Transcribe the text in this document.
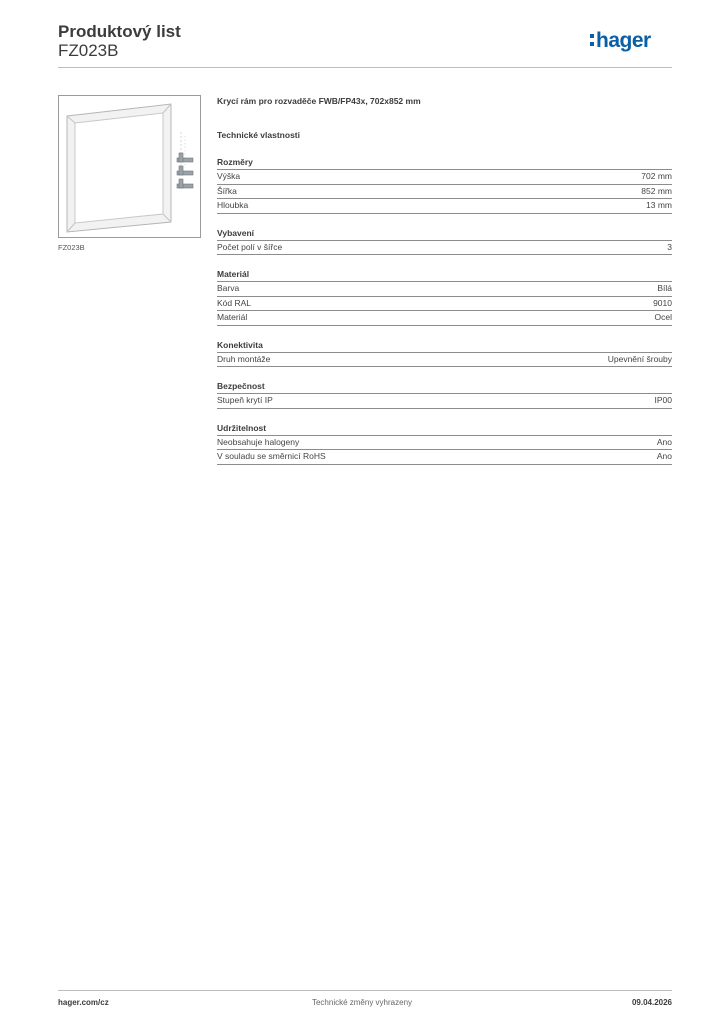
Produktový list
FZ023B	hager
FZ023B
Krycí rám pro rozvaděče FWB/FP43x, 702x852 mm
Technické vlastnosti
Rozměry
Výška	702 mm
Šířka	852 mm
Hloubka	13 mm
Vybavení
Počet polí v šířce	3
Materiál
Barva	Bílá
Kód RAL	9010
Materiál	Ocel
Konektivita
Druh montáže	Upevnění šrouby
Bezpečnost
Stupeň krytí IP	IP00
Udržitelnost
Neobsahuje halogeny	Ano
V souladu se směrnicí RoHS	Ano
hager.com/cz	Technické změny vyhrazeny	09.04.2026
